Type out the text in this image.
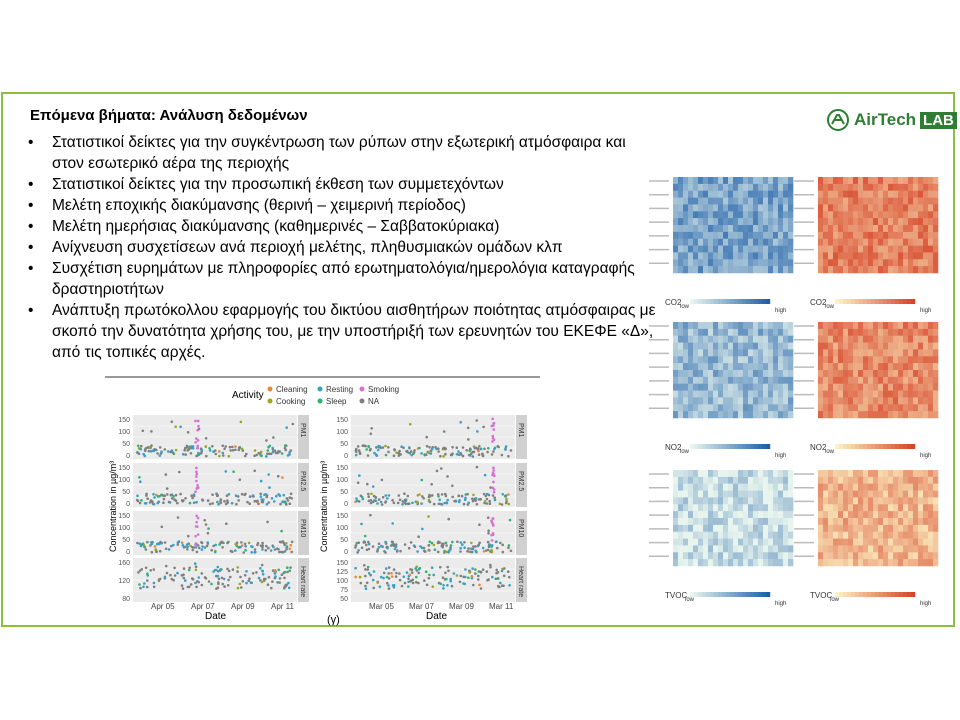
Επόμενα βήματα: Ανάλυση δεδομένων
• Στατιστικοί δείκτες για την συγκέντρωση των ρύπων στην εξωτερική ατμόσφαιρα και στον εσωτερικό αέρα της περιοχής
• Στατιστικοί δείκτες για την προσωπική έκθεση των συμμετεχόντων
• Μελέτη εποχικής διακύμανσης (θερινή – χειμερινή περίοδος)
• Μελέτη ημερήσιας διακύμανσης (καθημερινές – Σαββατοκύριακα)
• Ανίχνευση συσχετίσεων ανά περιοχή μελέτης, πληθυσμιακών ομάδων κλπ
• Συσχέτιση ευρημάτων με πληροφορίες από ερωτηματολόγια/ημερολόγια καταγραφής δραστηριοτήτων
• Ανάπτυξη πρωτόκολλου εφαρμογής του δικτύου αισθητήρων ποιότητας ατμόσφαιρας με σκοπό την δυνατότητα χρήσης του, με την υποστήριξή των ερευνητών του ΕΚΕΦΕ «Δ», από τις τοπικές αρχές.
AirTech LAB
Activity
Cleaning Resting Smoking
Cooking	Sleep	NA
Concentration in µg/m³	Concentration in µg/m³
PM1
150
100
50
0
PM2.5
150
100
50
0
PM10
150
100
50
0
Heart rate
160
120
80
Apr 05 Apr 07 Apr 09 Apr 11
PM1
150
100
50
0
PM2.5
150
100
50
0
PM10
150
100
50
0
Heart rate
150
125
100
75
50
Mar 05 Mar 07 Mar 09 Mar 11
Date	Date
(γ)
CO2
low
high
CO2
low
high
NO2
low
high
NO2
low
high
TVOC
low
high
TVOC
low
high
